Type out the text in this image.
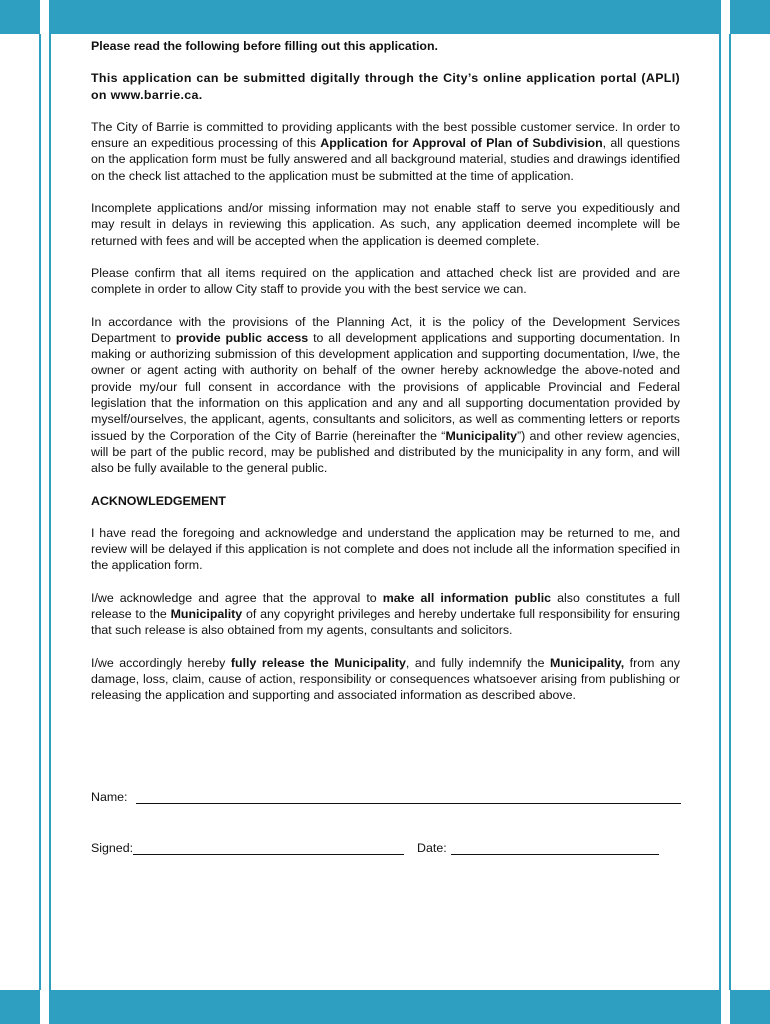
Please read the following before filling out this application.

This application can be submitted digitally through the City’s online application portal (APLI) on www.barrie.ca.

The City of Barrie is committed to providing applicants with the best possible customer service. In order to ensure an expeditious processing of this Application for Approval of Plan of Subdivision, all questions on the application form must be fully answered and all background material, studies and drawings identified on the check list attached to the application must be submitted at the time of application.

Incomplete applications and/or missing information may not enable staff to serve you expeditiously and may result in delays in reviewing this application. As such, any application deemed incomplete will be returned with fees and will be accepted when the application is deemed complete.

Please confirm that all items required on the application and attached check list are provided and are complete in order to allow City staff to provide you with the best service we can.

In accordance with the provisions of the Planning Act, it is the policy of the Development Services Department to provide public access to all development applications and supporting documentation. In making or authorizing submission of this development application and supporting documentation, I/we, the owner or agent acting with authority on behalf of the owner hereby acknowledge the above-noted and provide my/our full consent in accordance with the provisions of applicable Provincial and Federal legislation that the information on this application and any and all supporting documentation provided by myself/ourselves, the applicant, agents, consultants and solicitors, as well as commenting letters or reports issued by the Corporation of the City of Barrie (hereinafter the “Municipality”) and other review agencies, will be part of the public record, may be published and distributed by the municipality in any form, and will also be fully available to the general public.

ACKNOWLEDGEMENT

I have read the foregoing and acknowledge and understand the application may be returned to me, and review will be delayed if this application is not complete and does not include all the information specified in the application form.

I/we acknowledge and agree that the approval to make all information public also constitutes a full release to the Municipality of any copyright privileges and hereby undertake full responsibility for ensuring that such release is also obtained from my agents, consultants and solicitors.

I/we accordingly hereby fully release the Municipality, and fully indemnify the Municipality, from any damage, loss, claim, cause of action, responsibility or consequences whatsoever arising from publishing or releasing the application and supporting and associated information as described above.

Name:
Signed:	Date:
